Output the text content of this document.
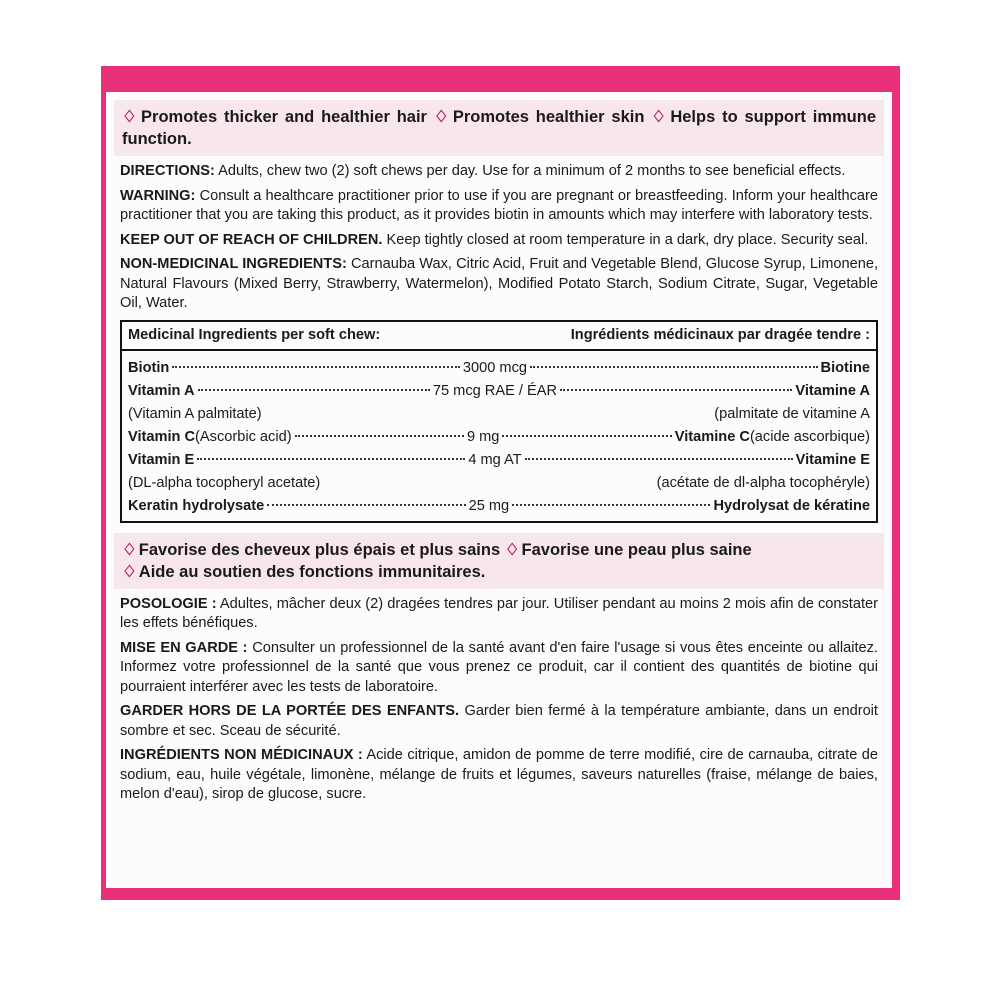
♢ Promotes thicker and healthier hair ♢ Promotes healthier skin ♢ Helps to support immune function.

DIRECTIONS: Adults, chew two (2) soft chews per day. Use for a minimum of 2 months to see beneficial effects.

WARNING: Consult a healthcare practitioner prior to use if you are pregnant or breastfeeding. Inform your healthcare practitioner that you are taking this product, as it provides biotin in amounts which may interfere with laboratory tests.

KEEP OUT OF REACH OF CHILDREN. Keep tightly closed at room temperature in a dark, dry place. Security seal.

NON-MEDICINAL INGREDIENTS: Carnauba Wax, Citric Acid, Fruit and Vegetable Blend, Glucose Syrup, Limonene, Natural Flavours (Mixed Berry, Strawberry, Watermelon), Modified Potato Starch, Sodium Citrate, Sugar, Vegetable Oil, Water.

Medicinal Ingredients per soft chew:	Ingrédients médicinaux par dragée tendre :

Biotin	3000 mcg	Biotine

Vitamin A	75 mcg RAE / ÉAR	Vitamine A

(Vitamin A palmitate)	(palmitate de vitamine A

Vitamin C (Ascorbic acid)	9 mg	Vitamine C (acide ascorbique)

Vitamin E	4 mg AT	Vitamine E

(DL-alpha tocopheryl acetate)	(acétate de dl-alpha tocophéryle)

Keratin hydrolysate	25 mg	Hydrolysat de kératine
♢ Favorise des cheveux plus épais et plus sains ♢ Favorise une peau plus saine
♢ Aide au soutien des fonctions immunitaires.

POSOLOGIE : Adultes, mâcher deux (2) dragées tendres par jour. Utiliser pendant au moins 2 mois afin de constater les effets bénéfiques.

MISE EN GARDE : Consulter un professionnel de la santé avant d'en faire l'usage si vous êtes enceinte ou allaitez. Informez votre professionnel de la santé que vous prenez ce produit, car il contient des quantités de biotine qui pourraient interférer avec les tests de laboratoire.

GARDER HORS DE LA PORTÉE DES ENFANTS. Garder bien fermé à la température ambiante, dans un endroit sombre et sec. Sceau de sécurité.

INGRÉDIENTS NON MÉDICINAUX : Acide citrique, amidon de pomme de terre modifié, cire de carnauba, citrate de sodium, eau, huile végétale, limonène, mélange de fruits et légumes, saveurs naturelles (fraise, mélange de baies, melon d'eau), sirop de glucose, sucre.
